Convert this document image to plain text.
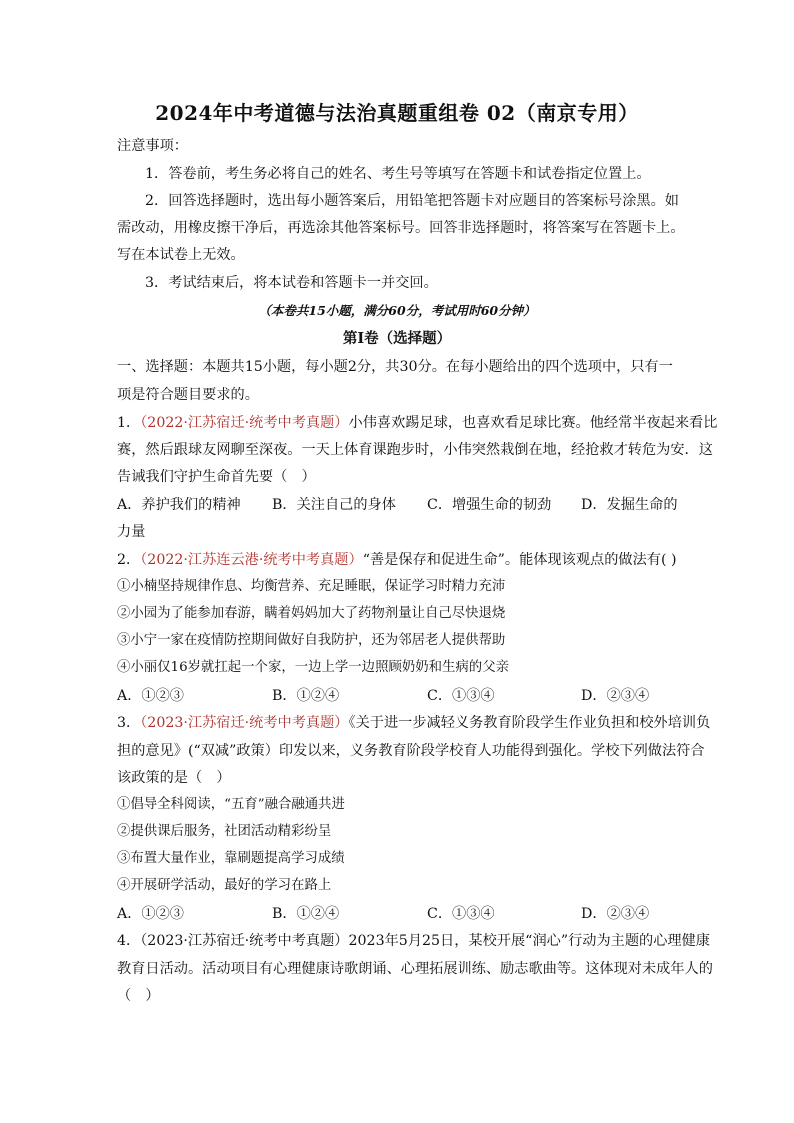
2024年中考道德与法治真题重组卷 02（南京专用）
注意事项：
1．答卷前，考生务必将自己的姓名、考生号等填写在答题卡和试卷指定位置上。
2．回答选择题时，选出每小题答案后，用铅笔把答题卡对应题目的答案标号涂黑。如
需改动，用橡皮擦干净后，再选涂其他答案标号。回答非选择题时，将答案写在答题卡上。
写在本试卷上无效。
3．考试结束后，将本试卷和答题卡一并交回。
（本卷共15小题，满分60分，考试用时60分钟）
第I卷（选择题）
一、选择题：本题共15小题，每小题2分，共30分。在每小题给出的四个选项中，只有一
项是符合题目要求的。
1．（2022·江苏宿迁·统考中考真题）小伟喜欢踢足球，也喜欢看足球比赛。他经常半夜起来看比
赛，然后跟球友网聊至深夜。一天上体育课跑步时，小伟突然栽倒在地，经抢救才转危为安．这
告诫我们守护生命首先要（　）
A．养护我们的精神 B．关注自己的身体 C．增强生命的韧劲 D．发掘生命的
力量
2．（2022·江苏连云港·统考中考真题）“善是保存和促进生命”。能体现该观点的做法有( )
①小楠坚持规律作息、均衡营养、充足睡眠，保证学习时精力充沛
②小园为了能参加春游，瞒着妈妈加大了药物剂量让自己尽快退烧
③小宁一家在疫情防控期间做好自我防护，还为邻居老人提供帮助
④小丽仅16岁就扛起一个家，一边上学一边照顾奶奶和生病的父亲
A．①②③	B．①②④	C．①③④	D．②③④
3．（2023·江苏宿迁·统考中考真题）《关于进一步减轻义务教育阶段学生作业负担和校外培训负
担的意见》(“双减”政策）印发以来，义务教育阶段学校育人功能得到强化。学校下列做法符合
该政策的是（　）
①倡导全科阅读，“五育”融合融通共进
②提供课后服务，社团活动精彩纷呈
③布置大量作业，靠刷题提高学习成绩
④开展研学活动，最好的学习在路上
A．①②③	B．①②④	C．①③④	D．②③④
4．（2023·江苏宿迁·统考中考真题）2023年5月25日，某校开展“润心”行动为主题的心理健康
教育日活动。活动项目有心理健康诗歌朗诵、心理拓展训练、励志歌曲等。这体现对未成年人的
（　）
